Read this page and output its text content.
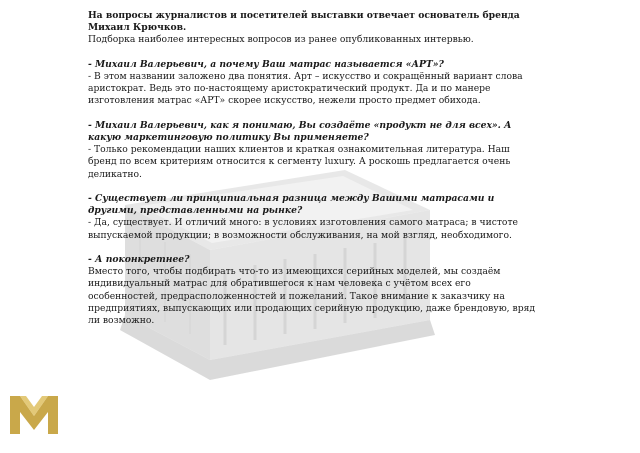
На вопросы журналистов и посетителей выставки отвечает основатель бренда Михаил Крючков.

Подборка наиболее интересных вопросов из ранее опубликованных интервью.

- Михаил Валерьевич, а почему Ваш матрас называется «АРТ»?

- В этом названии заложено два понятия. Арт – искусство и сокращённый вариант слова аристократ. Ведь это по-настоящему аристократический продукт. Да и по манере изготовления матрас «АРТ» скорее искусство, нежели просто предмет обихода.

- Михаил Валерьевич, как я понимаю, Вы создаёте «продукт не для всех». А какую маркетинговую политику Вы применяете?

- Только рекомендации наших клиентов и краткая ознакомительная литература. Наш бренд по всем критериям относится к сегменту luxury. А роскошь предлагается очень деликатно.

- Существует ли принципиальная разница между Вашими матрасами и другими, представленными на рынке?

- Да, существует. И отличий много: в условиях изготовления самого матраса; в чистоте выпускаемой продукции; в возможности обслуживания, на мой взгляд, необходимого.

- А поконкретнее?

Вместо того, чтобы подбирать что-то из имеющихся серийных моделей, мы создаём индивидуальный матрас для обратившегося к нам человека с учётом всех его особенностей, предрасположенностей и пожеланий. Такое внимание к заказчику на предприятиях, выпускающих или продающих серийную продукцию, даже брендовую, вряд ли возможно.
